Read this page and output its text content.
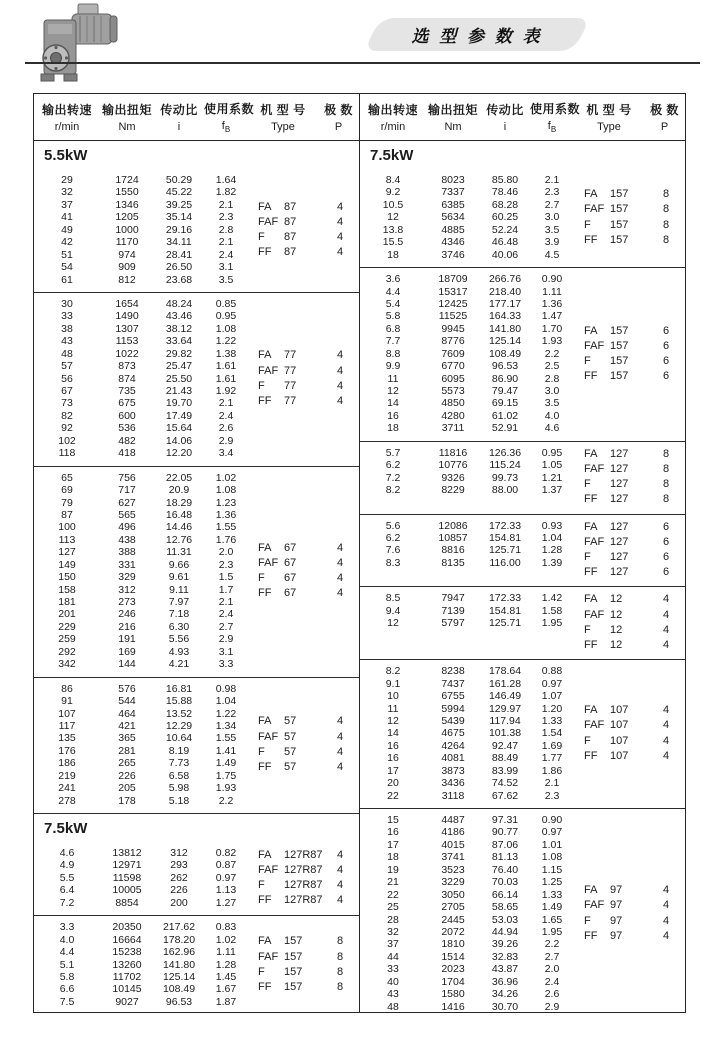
选 型 参 数 表
输出转速
r/min
输出扭矩
Nm
传动比
i
使用系数
$f_B$
机 型 号
Type
极 数
P
5.5kW
29	1724	50.29	1.64
32	1550	45.22	1.82
37	1346	39.25	2.1
41	1205	35.14	2.3
49	1000	29.16	2.8
42	1170	34.11	2.1
51	974	28.41	2.4
54	909	26.50	3.1
61	812	23.68	3.5
FA	87	4
FAF 87	4
F	87	4
FF	87	4
30	1654	48.24	0.85
33	1490	43.46	0.95
38	1307	38.12	1.08
43	1153	33.64	1.22
48	1022	29.82	1.38
57	873	25.47	1.61
56	874	25.50	1.61
67	735	21.43	1.92
73	675	19.70	2.1
82	600	17.49	2.4
92	536	15.64	2.6
102	482	14.06	2.9
118	418	12.20	3.4
FA	77	4
FAF 77	4
F	77	4
FF	77	4
65	756	22.05	1.02
69	717	20.9	1.08
79	627	18.29	1.23
87	565	16.48	1.36
100	496	14.46	1.55
113	438	12.76	1.76
127	388	11.31	2.0
149	331	9.66	2.3
150	329	9.61	1.5
158	312	9.11	1.7
181	273	7.97	2.1
201	246	7.18	2.4
229	216	6.30	2.7
259	191	5.56	2.9
292	169	4.93	3.1
342	144	4.21	3.3
FA	67	4
FAF 67	4
F	67	4
FF	67	4
86	576	16.81	0.98
91	544	15.88	1.04
107	464	13.52	1.22
117	421	12.29	1.34
135	365	10.64	1.55
176	281	8.19	1.41
186	265	7.73	1.49
219	226	6.58	1.75
241	205	5.98	1.93
278	178	5.18	2.2
FA	57	4
FAF 57	4
F	57	4
FF	57	4
7.5kW
4.6	13812	312	0.82
4.9	12971	293	0.87
5.5	11598	262	0.97
6.4	10005	226	1.13
7.2	8854	200	1.27
FA	127R87	4
FAF 127R87	4
F	127R87	4
FF	127R87	4
3.3	20350	217.62	0.83
4.0	16664	178.20	1.02
4.4	15238	162.96	1.11
5.1	13260	141.80	1.28
5.8	11702	125.14	1.45
6.6	10145	108.49	1.67
7.5	9027	96.53	1.87
FA	157	8
FAF 157	8
F	157	8
FF	157	8
输出转速
r/min
输出扭矩
Nm
传动比
i
使用系数
$f_B$
机 型 号
Type
极 数
P
7.5kW
8.4	8023	85.80	2.1
9.2	7337	78.46	2.3
10.5	6385	68.28	2.7
12	5634	60.25	3.0
13.8	4885	52.24	3.5
15.5	4346	46.48	3.9
18	3746	40.06	4.5
FA	157	8
FAF 157	8
F	157	8
FF	157	8
3.6	18709	266.76	0.90
4.4	15317	218.40	1.11
5.4	12425	177.17	1.36
5.8	11525	164.33	1.47
6.8	9945	141.80	1.70
7.7	8776	125.14	1.93
8.8	7609	108.49	2.2
9.9	6770	96.53	2.5
11	6095	86.90	2.8
12	5573	79.47	3.0
14	4850	69.15	3.5
16	4280	61.02	4.0
18	3711	52.91	4.6
FA	157	6
FAF 157	6
F	157	6
FF	157	6
5.7	11816	126.36	0.95
6.2	10776	115.24	1.05
7.2	9326	99.73	1.21
8.2	8229	88.00	1.37
FA	127	8
FAF 127	8
F	127	8
FF	127	8
5.6	12086	172.33	0.93
6.2	10857	154.81	1.04
7.6	8816	125.71	1.28
8.3	8135	116.00	1.39
FA	127	6
FAF 127	6
F	127	6
FF	127	6
8.5	7947	172.33	1.42
9.4	7139	154.81	1.58
12	5797	125.71	1.95
FA	12	4
FAF 12	4
F	12	4
FF	12	4
8.2	8238	178.64	0.88
9.1	7437	161.28	0.97
10	6755	146.49	1.07
11	5994	129.97	1.20
12	5439	117.94	1.33
14	4675	101.38	1.54
16	4264	92.47	1.69
16	4081	88.49	1.77
17	3873	83.99	1.86
20	3436	74.52	2.1
22	3118	67.62	2.3
FA	107	4
FAF 107	4
F	107	4
FF	107	4
15	4487	97.31	0.90
16	4186	90.77	0.97
17	4015	87.06	1.01
18	3741	81.13	1.08
19	3523	76.40	1.15
21	3229	70.03	1.25
22	3050	66.14	1.33
25	2705	58.65	1.49
28	2445	53.03	1.65
32	2072	44.94	1.95
37	1810	39.26	2.2
44	1514	32.83	2.7
33	2023	43.87	2.0
40	1704	36.96	2.4
43	1580	34.26	2.6
48	1416	30.70	2.9
FA	97	4
FAF 97	4
F	97	4
FF	97	4
